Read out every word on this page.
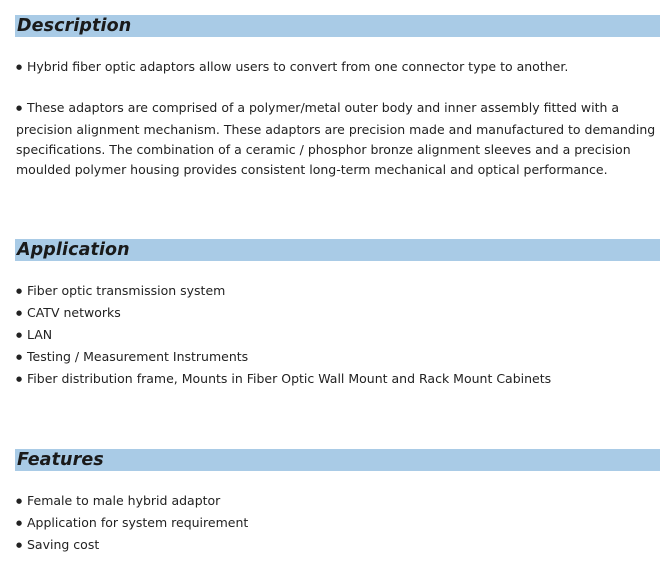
Description

●Hybrid fiber optic adaptors allow users to convert from one connector type to another.

●These adaptors are comprised of a polymer/metal outer body and inner assembly fitted with a precision alignment mechanism. These adaptors are precision made and manufactured to demanding specifications. The combination of a ceramic / phosphor bronze alignment sleeves and a precision moulded polymer housing provides consistent long-term mechanical and optical performance.

Application
●Fiber optic transmission system
●CATV networks
●LAN
●Testing / Measurement Instruments
●Fiber distribution frame, Mounts in Fiber Optic Wall Mount and Rack Mount Cabinets
Features
●Female to male hybrid adaptor
●Application for system requirement
●Saving cost
